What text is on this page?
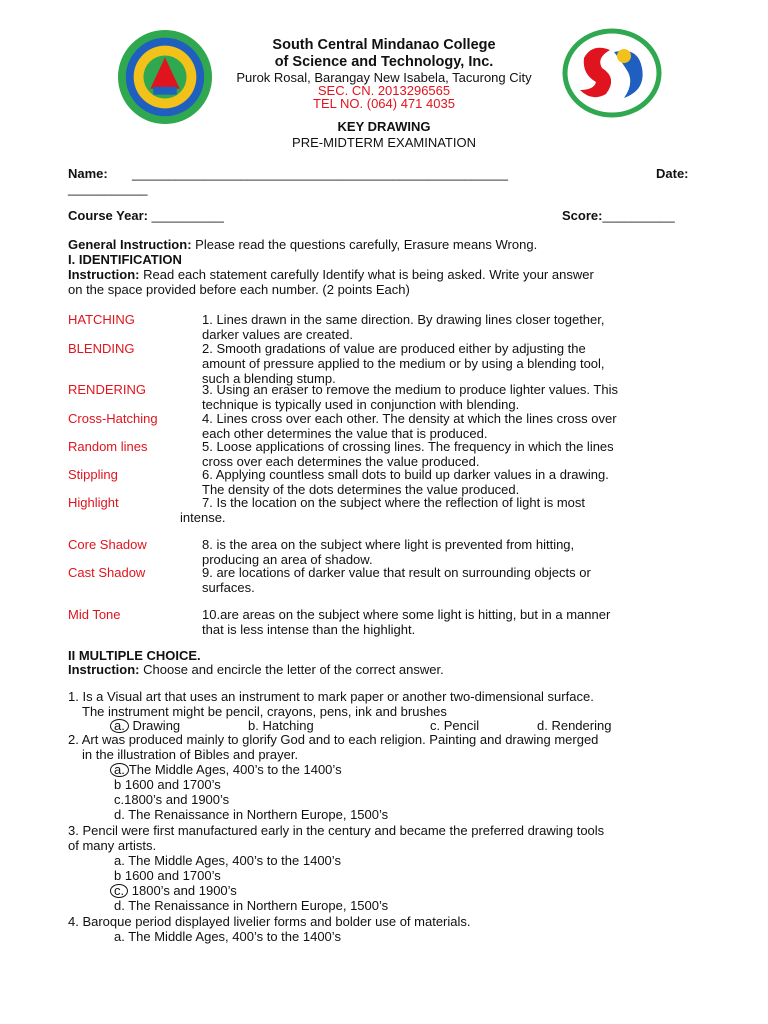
South Central Mindanao College
of Science and Technology, Inc.
Purok Rosal, Barangay New Isabela, Tacurong City
SEC. CN. 2013296565
TEL NO. (064) 471 4035
KEY DRAWING
PRE-MIDTERM EXAMINATION
Name: ____________________________________________________	Date:
___________
Course Year: __________	Score:__________
General Instruction: Please read the questions carefully, Erasure means Wrong.
I. IDENTIFICATION
Instruction: Read each statement carefully Identify what is being asked. Write your answer
on the space provided before each number. (2 points Each)
HATCHING	1. Lines drawn in the same direction. By drawing lines closer together,
darker values are created.
BLENDING	2. Smooth gradations of value are produced either by adjusting the
amount of pressure applied to the medium or by using a blending tool,
such a blending stump.
RENDERING	3. Using an eraser to remove the medium to produce lighter values. This
technique is typically used in conjunction with blending.
Cross-Hatching	4. Lines cross over each other. The density at which the lines cross over
each other determines the value that is produced.
Random lines	5. Loose applications of crossing lines. The frequency in which the lines
cross over each determines the value produced.
Stippling	6. Applying countless small dots to build up darker values in a drawing.
The density of the dots determines the value produced.
Highlight	7. Is the location on the subject where the reflection of light is most
intense.
Core Shadow	8. is the area on the subject where light is prevented from hitting,
producing an area of shadow.
Cast Shadow	9. are locations of darker value that result on surrounding objects or
surfaces.
Mid Tone	10.are areas on the subject where some light is hitting, but in a manner
that is less intense than the highlight.
II MULTIPLE CHOICE.
Instruction: Choose and encircle the letter of the correct answer.
1. Is a Visual art that uses an instrument to mark paper or another two-dimensional surface.
The instrument might be pencil, crayons, pens, ink and brushes
a. Drawing	b. Hatching	c. Pencil	d. Rendering
2. Art was produced mainly to glorify God and to each religion. Painting and drawing merged
in the illustration of Bibles and prayer.
a. The Middle Ages, 400’s to the 1400’s
b 1600 and 1700’s
c.1800’s and 1900’s
d. The Renaissance in Northern Europe, 1500’s
3. Pencil were first manufactured early in the century and became the preferred drawing tools
of many artists.
a. The Middle Ages, 400’s to the 1400’s
b 1600 and 1700’s
c. 1800’s and 1900’s
d. The Renaissance in Northern Europe, 1500’s
4. Baroque period displayed livelier forms and bolder use of materials.
a. The Middle Ages, 400’s to the 1400’s
